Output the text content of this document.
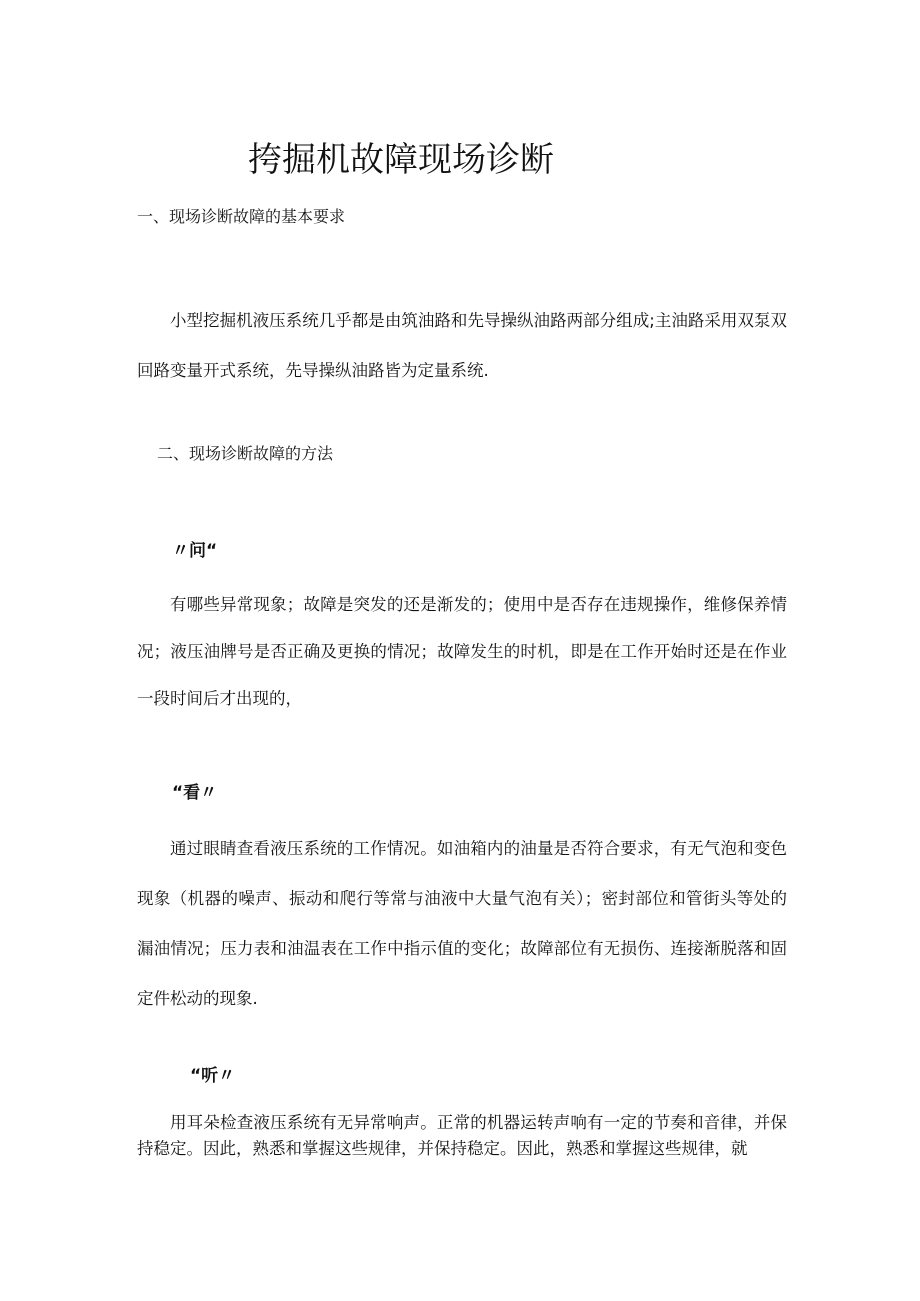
挎掘机故障现场诊断
一、现场诊断故障的基本要求
小型挖掘机液压系统几乎都是由筑油路和先导操纵油路两部分组成;主油路采用双泵双回路变量开式系统，先导操纵油路皆为定量系统.
二、现场诊断故障的方法
〃问“
有哪些异常现象；故障是突发的还是渐发的；使用中是否存在违规操作，维修保养情况；液压油牌号是否正确及更换的情况；故障发生的时机，即是在工作开始时还是在作业一段时间后才出现的，
“看〃
通过眼睛查看液压系统的工作情况。如油箱内的油量是否符合要求，有无气泡和变色现象（机器的噪声、振动和爬行等常与油液中大量气泡有关）；密封部位和管街头等处的漏油情况；压力表和油温表在工作中指示值的变化；故障部位有无损伤、连接渐脱落和固定件松动的现象.
“听〃
用耳朵检查液压系统有无异常响声。正常的机器运转声响有一定的节奏和音律，并保持稳定。因此，熟悉和掌握这些规律，并保持稳定。因此，熟悉和掌握这些规律，就
